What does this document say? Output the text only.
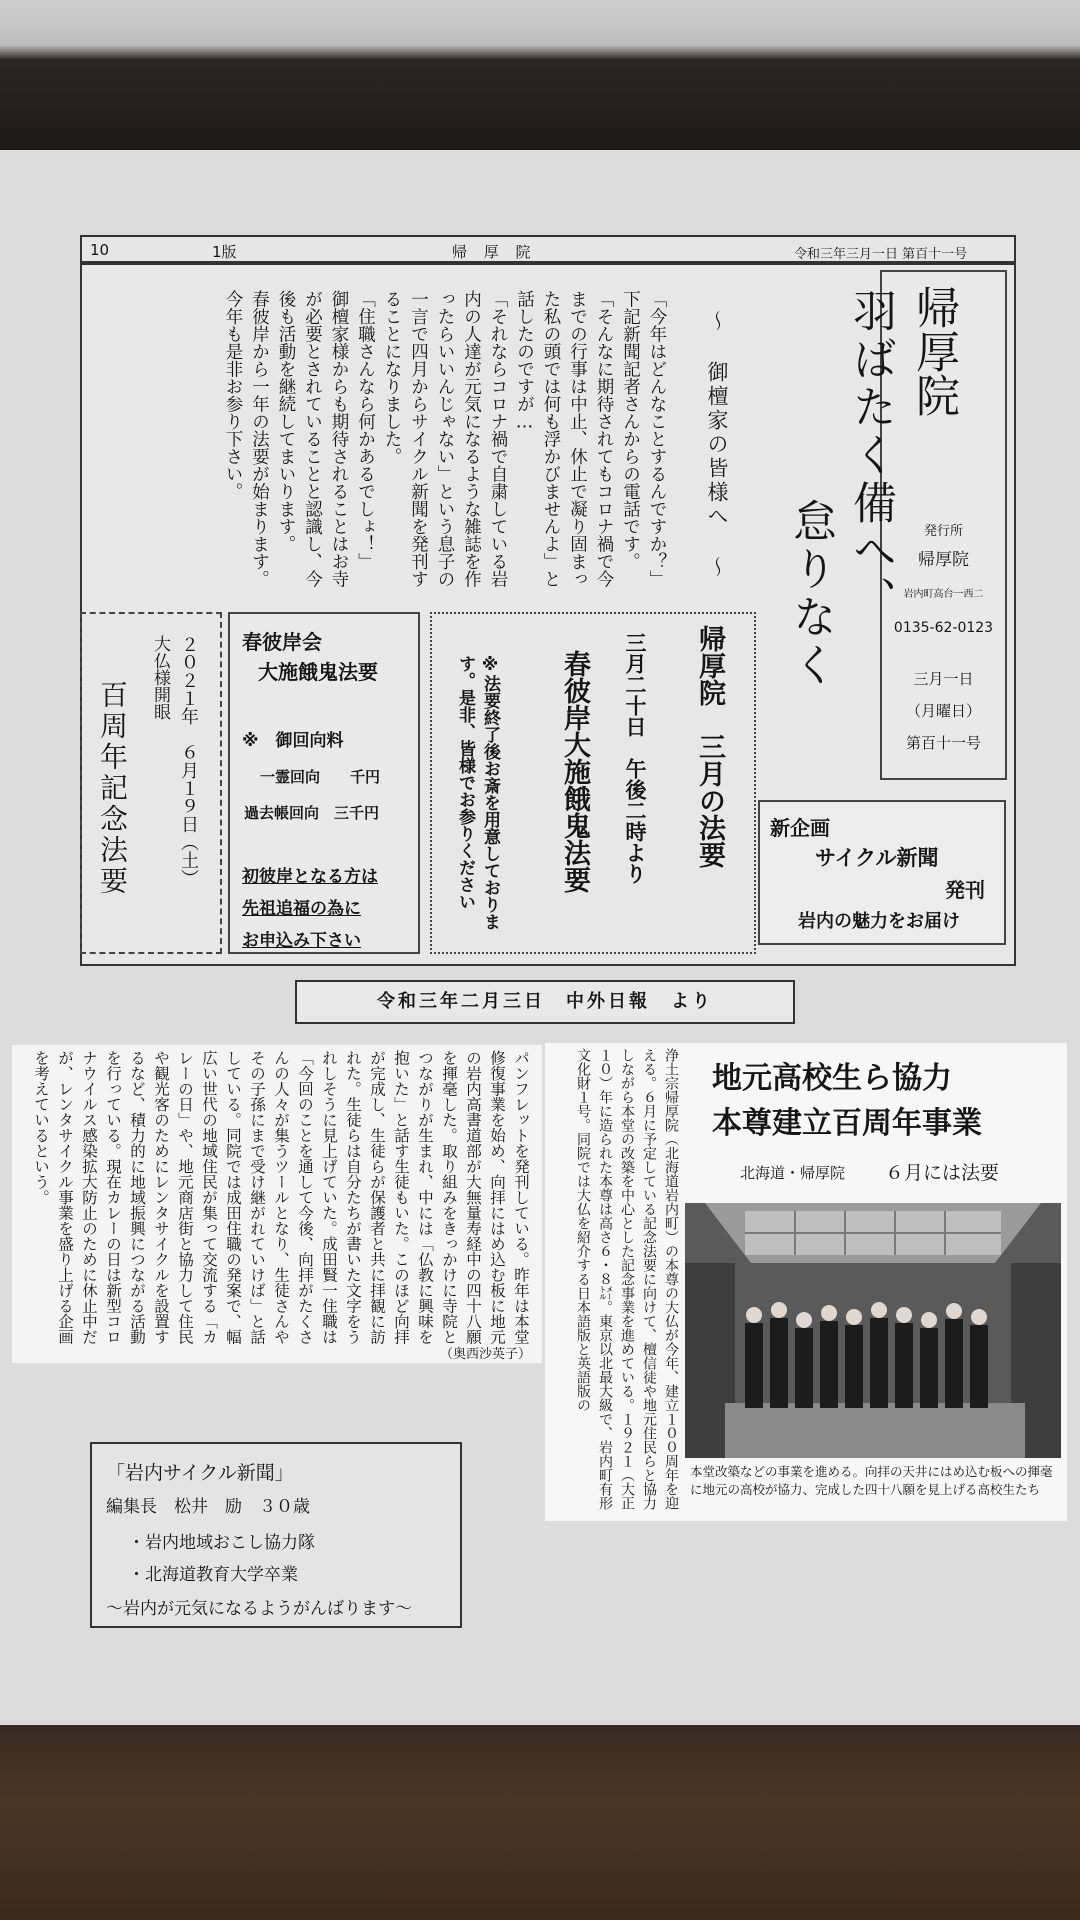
10	1版	帰 厚 院	令和三年三月一日 第百十一号
帰厚院
発行所
帰厚院
岩内町高台一西二
0135-62-0123
三月一日
（月曜日）
第百十一号
羽ばたく備へ、
怠りなく
〜 御檀家の皆様へ 〜

「今年はどんなことするんですか？」

下記新聞記者さんからの電話です。

「そんなに期待されてもコロナ禍で今までの行事は中止、休止で凝り固まった私の頭では何も浮かびませんよ」と話したのですが…

「それならコロナ禍で自粛している岩内の人達が元気になるような雑誌を作ったらいいんじゃない」という息子の一言で四月からサイクル新聞を発刊することになりました。

「住職さんなら何かあるでしょ！」

御檀家様からも期待されることはお寺が必要とされていることと認識し、今後も活動を継続してまいります。

春彼岸から一年の法要が始まります。今年も是非お参り下さい。

帰厚院　三月の法要
三月二十日　午後二時より
春彼岸大施餓鬼法要
※法要終了後お斎を用意しております。是非、皆様でお参りください
春彼岸会
大施餓鬼法要
※　御回向料
一霊回向　　千円
過去帳回向　三千円
初彼岸となる方は
先祖追福の為に
お申込み下さい
２０２１年　６月１９日（土）
大仏様開眼
百周年記念法要	新企画
サイクル新聞
発刊
岩内の魅力をお届け
令和三年二月三日　中外日報　より
パンフレットを発刊している。昨年は本堂修復事業を始め、向拝にはめ込む板に地元の岩内高書道部が大無量寿経中の四十八願を揮毫した。取り組みをきっかけに寺院とつながりが生まれ、中には「仏教に興味を抱いた」と話す生徒もいた。このほど向拝が完成し、生徒らが保護者と共に拝観に訪れた。生徒らは自分たちが書いた文字をうれしそうに見上げていた。成田賢一住職は「今回のことを通して今後、向拝がたくさんの人々が集うツールとなり、生徒さんやその子孫にまで受け継がれていけば」と話している。同院では成田住職の発案で、幅広い世代の地域住民が集って交流する「カレーの日」や、地元商店街と協力して住民や観光客のためにレンタサイクルを設置するなど、積力的に地域振興につながる活動を行っている。現在カレーの日は新型コロナウイルス感染拡大防止のために休止中だが、レンタサイクル事業を盛り上げる企画を考えているという。
（奥西沙英子）
地元高校生ら協力
本尊建立百周年事業
北海道・帰厚院 ６月には法要
浄土宗帰厚院（北海道岩内町）の本尊の大仏が今年、建立１００周年を迎える。６月に予定している記念法要に向けて、檀信徒や地元住民らと協力しながら本堂の改築を中心とした記念事業を進めている。１９２１（大正１０）年に造られた本尊は高さ６・８㍍。東京以北最大級で、岩内町有形文化財１号。同院では大仏を紹介する日本語版と英語版の
本堂改築などの事業を進める。向拝の天井にはめ込む板への揮毫に地元の高校が協力、完成した四十八願を見上げる高校生たち
「岩内サイクル新聞」
編集長　松井　励　３０歳
・岩内地域おこし協力隊
・北海道教育大学卒業
〜岩内が元気になるようがんばります〜
